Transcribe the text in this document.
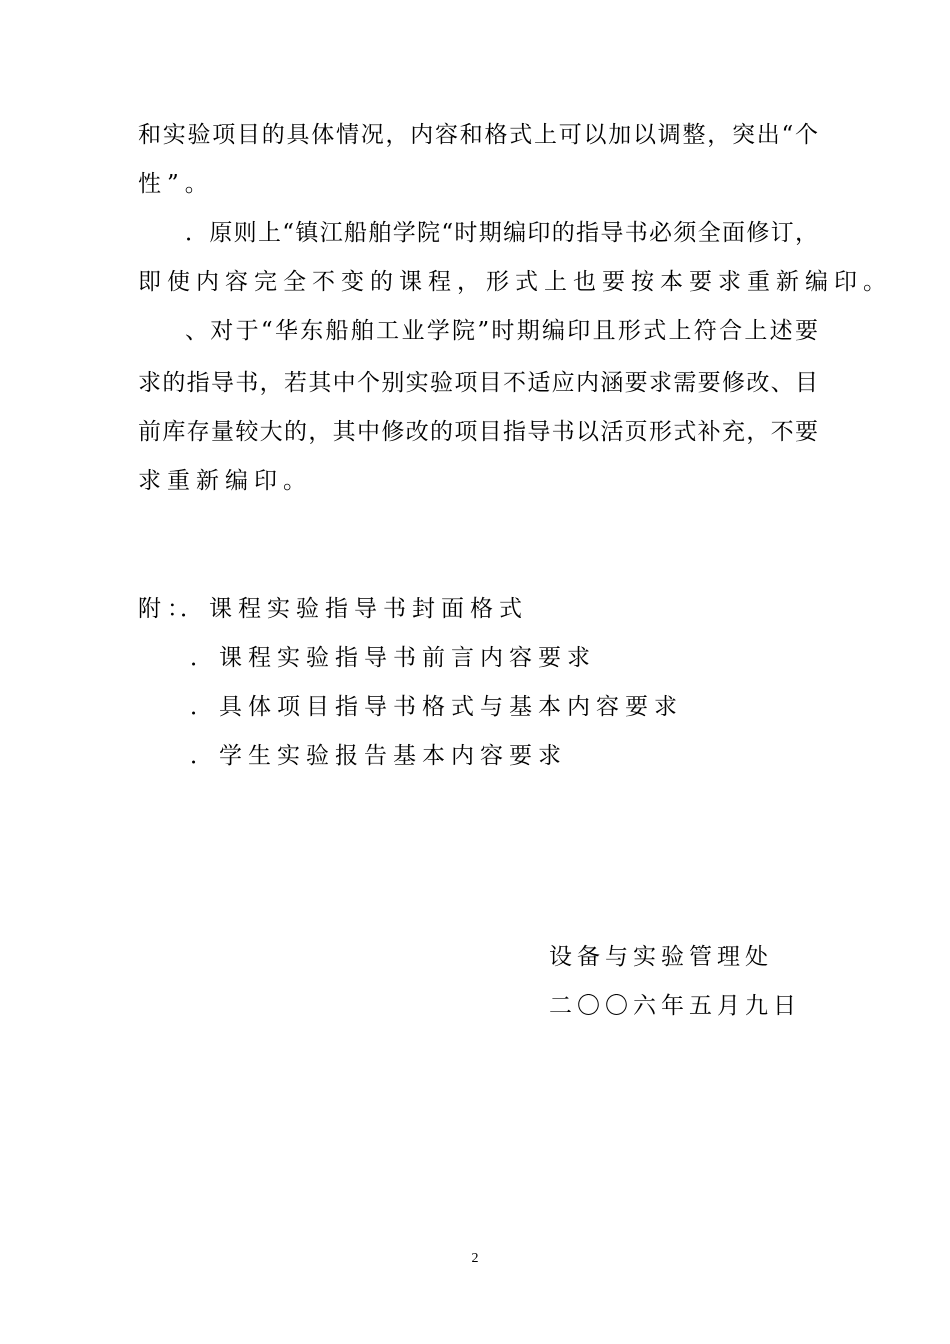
和实验项目的具体情况，内容和格式上可以加以调整，突出“个
性”。
．原则上“镇江船舶学院“时期编印的指导书必须全面修订，
即使内容完全不变的课程，形式上也要按本要求重新编印。
、对于“华东船舶工业学院”时期编印且形式上符合上述要
求的指导书，若其中个别实验项目不适应内涵要求需要修改、目
前库存量较大的，其中修改的项目指导书以活页形式补充，不要
求重新编印。
附：
．课程实验指导书封面格式
．课程实验指导书前言内容要求
．具体项目指导书格式与基本内容要求
．学生实验报告基本内容要求
设备与实验管理处
二〇〇六年五月九日
2
